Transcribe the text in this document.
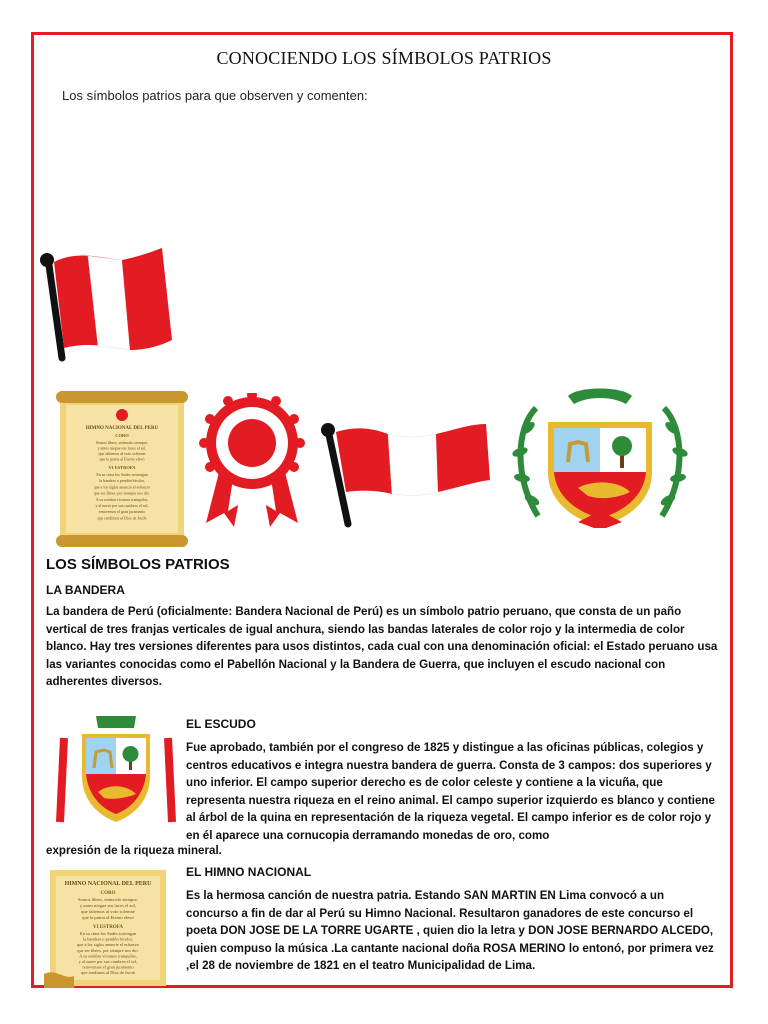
CONOCIENDO LOS SÍMBOLOS PATRIOS
Los símbolos patrios para que observen y comenten:
HIMNO NACIONAL DEL PERU
CORO
Somos libres, seámoslo siempre,
y antes niegue sus luces el sol,
que faltemos al voto solemne
que la patria al Eterno elevó
VI ESTROFA
En su cima los Andes sostengan
la bandera o pendón bicolor,
que a los siglos anuncie el esfuerzo
que ser libres, por siempre nos dio.
A su sombra vivamos tranquilos,
y al nacer por sus cumbres el sol,
renovemos el gran juramento
que rendimos al Dios de Jacob
LOS SÍMBOLOS PATRIOS
LA BANDERA
La bandera de Perú (oficialmente: Bandera Nacional de Perú) es un símbolo patrio peruano, que consta de un paño vertical de tres franjas verticales de igual anchura, siendo las bandas laterales de color rojo y la intermedia de color blanco. Hay tres versiones diferentes para usos distintos, cada cual con una denominación oficial: el Estado peruano usa las variantes conocidas como el Pabellón Nacional y la Bandera de Guerra, que incluyen el escudo nacional con adherentes diversos.
EL ESCUDO
Fue aprobado, también por el congreso de 1825 y distingue a las oficinas públicas, colegios y centros educativos e integra nuestra bandera de guerra. Consta de 3 campos: dos superiores y uno inferior. El campo superior derecho es de color celeste y contiene a la vicuña, que representa nuestra riqueza en el reino animal. El campo superior izquierdo es blanco y contiene al árbol de la quina en representación de la riqueza vegetal. El campo inferior es de color rojo y en él aparece una cornucopia derramando monedas de oro, como
expresión de la riqueza mineral.
HIMNO NACIONAL DEL PERU
CORO
Somos libres, seámoslo siempre,
y antes niegue sus luces el sol,
que faltemos al voto solemne
que la patria al Eterno elevó
VI ESTROFA
En su cima los Andes sostengan
la bandera o pendón bicolor,
que a los siglos anuncie el esfuerzo
que ser libres, por siempre nos dio.
A su sombra vivamos tranquilos,
y al nacer por sus cumbres el sol,
renovemos el gran juramento
que rendimos al Dios de Jacob
EL HIMNO NACIONAL
Es la hermosa canción de nuestra patria. Estando SAN MARTIN EN Lima convocó a un concurso a fin de dar al Perú su Himno Nacional. Resultaron ganadores de este concurso el poeta DON JOSE DE LA TORRE UGARTE , quien dio la letra y DON JOSE BERNARDO ALCEDO, quien compuso la música .La cantante nacional doña ROSA MERINO lo entonó, por primera vez ,el 28 de noviembre de 1821 en el teatro Municipalidad de Lima.
